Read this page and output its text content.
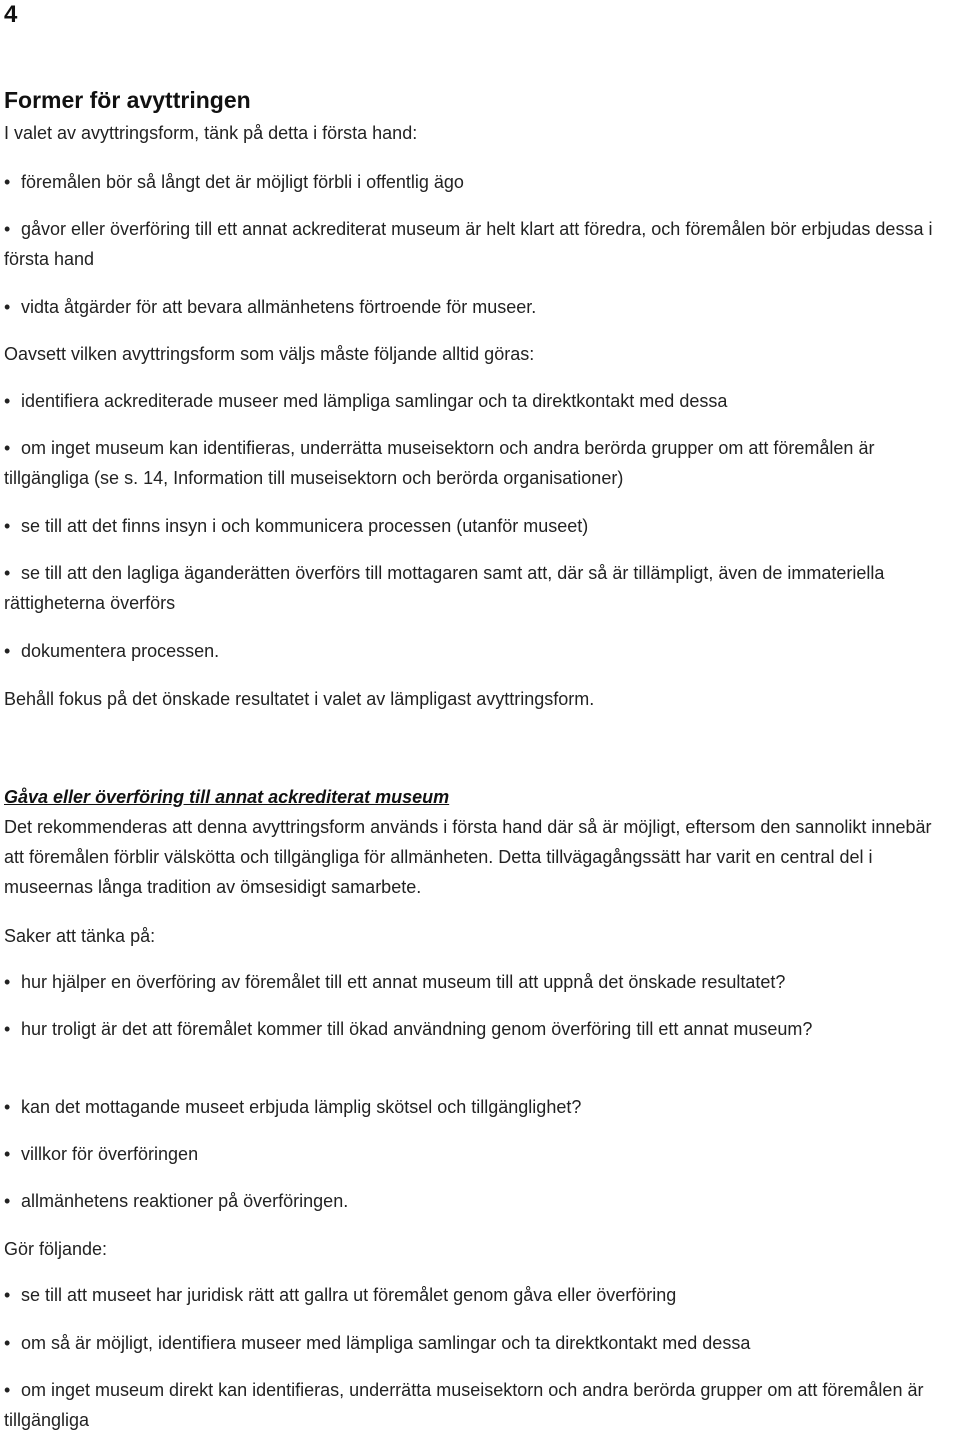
4
Former för avyttringen
I valet av avyttringsform, tänk på detta i första hand:
• föremålen bör så långt det är möjligt förbli i offentlig ägo
• gåvor eller överföring till ett annat ackrediterat museum är helt klart att föredra, och föremålen bör erbjudas dessa i första hand
• vidta åtgärder för att bevara allmänhetens förtroende för museer.
Oavsett vilken avyttringsform som väljs måste följande alltid göras:
• identifiera ackrediterade museer med lämpliga samlingar och ta direktkontakt med dessa
• om inget museum kan identifieras, underrätta museisektorn och andra berörda grupper om att föremålen är tillgängliga (se s. 14, Information till museisektorn och berörda organisationer)
• se till att det finns insyn i och kommunicera processen (utanför museet)
• se till att den lagliga äganderätten överförs till mottagaren samt att, där så är tillämpligt, även de immateriella rättigheterna överförs
• dokumentera processen.
Behåll fokus på det önskade resultatet i valet av lämpligast avyttringsform.
Gåva eller överföring till annat ackrediterat museum
Det rekommenderas att denna avyttringsform används i första hand där så är möjligt, eftersom den sannolikt innebär att föremålen förblir välskötta och tillgängliga för allmänheten. Detta tillvägagångssätt har varit en central del i museernas långa tradition av ömsesidigt samarbete.
Saker att tänka på:
• hur hjälper en överföring av föremålet till ett annat museum till att uppnå det önskade resultatet?
• hur troligt är det att föremålet kommer till ökad användning genom överföring till ett annat museum?
• kan det mottagande museet erbjuda lämplig skötsel och tillgänglighet?
• villkor för överföringen
• allmänhetens reaktioner på överföringen.
Gör följande:
• se till att museet har juridisk rätt att gallra ut föremålet genom gåva eller överföring
• om så är möjligt, identifiera museer med lämpliga samlingar och ta direktkontakt med dessa
• om inget museum direkt kan identifieras, underrätta museisektorn och andra berörda grupper om att föremålen är tillgängliga
